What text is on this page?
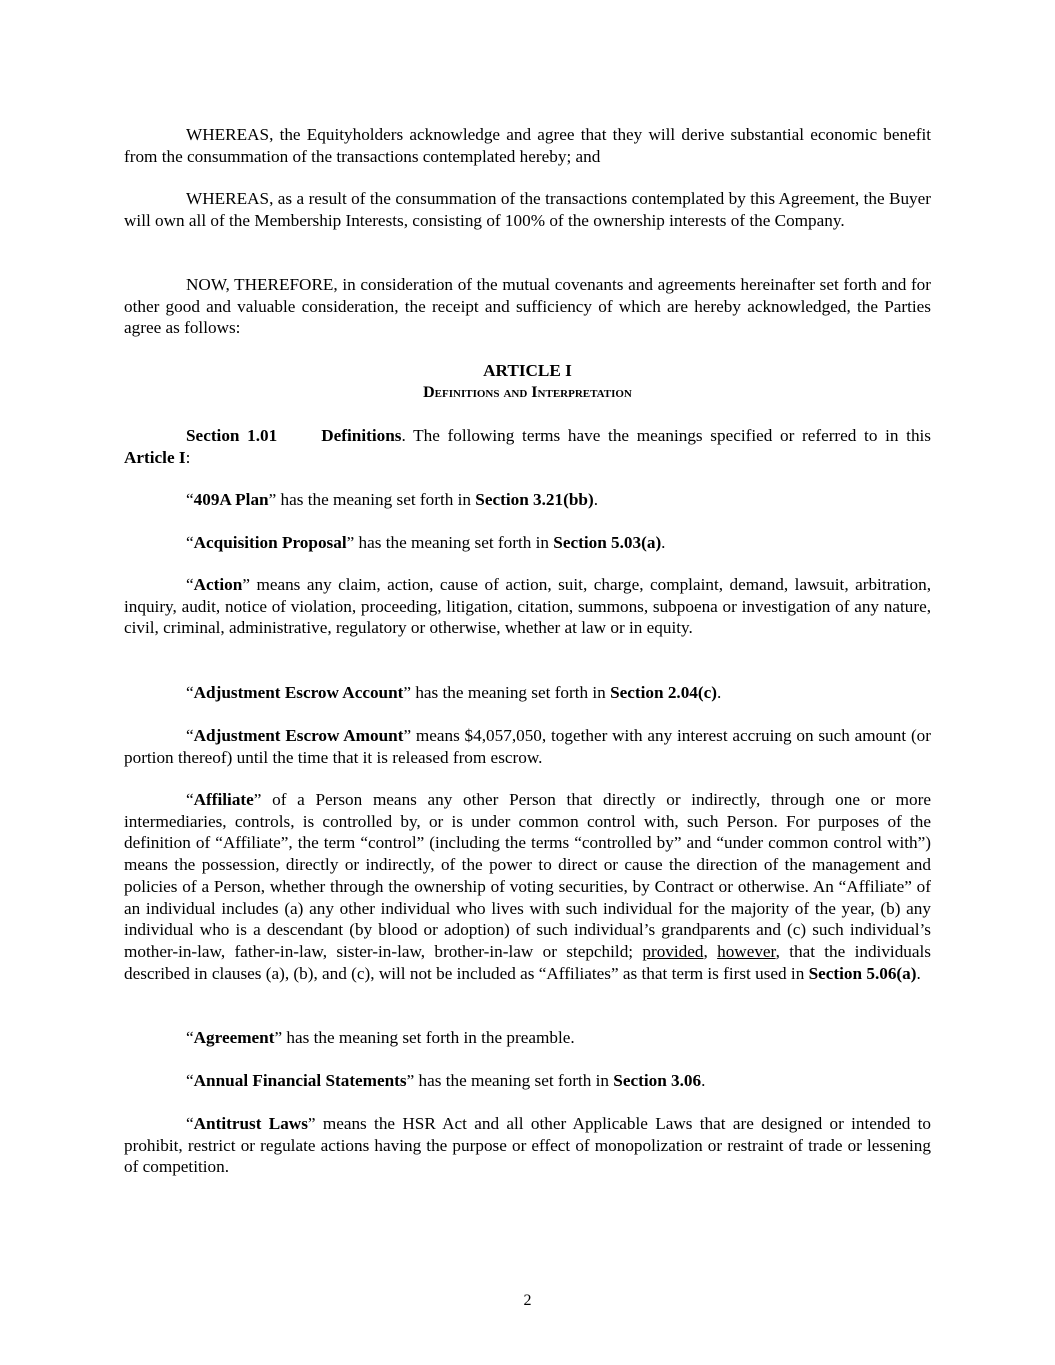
WHEREAS, the Equityholders acknowledge and agree that they will derive substantial economic benefit from the consummation of the transactions contemplated hereby; and
WHEREAS, as a result of the consummation of the transactions contemplated by this Agreement, the Buyer will own all of the Membership Interests, consisting of 100% of the ownership interests of the Company.
NOW, THEREFORE, in consideration of the mutual covenants and agreements hereinafter set forth and for other good and valuable consideration, the receipt and sufficiency of which are hereby acknowledged, the Parties agree as follows:
ARTICLE I
Definitions and Interpretation
Section 1.01	Definitions. The following terms have the meanings specified or referred to in this Article I:
“409A Plan” has the meaning set forth in Section 3.21(bb).
“Acquisition Proposal” has the meaning set forth in Section 5.03(a).
“Action” means any claim, action, cause of action, suit, charge, complaint, demand, lawsuit, arbitration, inquiry, audit, notice of violation, proceeding, litigation, citation, summons, subpoena or investigation of any nature, civil, criminal, administrative, regulatory or otherwise, whether at law or in equity.
“Adjustment Escrow Account” has the meaning set forth in Section 2.04(c).
“Adjustment Escrow Amount” means $4,057,050, together with any interest accruing on such amount (or portion thereof) until the time that it is released from escrow.
“Affiliate” of a Person means any other Person that directly or indirectly, through one or more intermediaries, controls, is controlled by, or is under common control with, such Person. For purposes of the definition of “Affiliate”, the term “control” (including the terms “controlled by” and “under common control with”) means the possession, directly or indirectly, of the power to direct or cause the direction of the management and policies of a Person, whether through the ownership of voting securities, by Contract or otherwise. An “Affiliate” of an individual includes (a) any other individual who lives with such individual for the majority of the year, (b) any individual who is a descendant (by blood or adoption) of such individual’s grandparents and (c) such individual’s mother-in-law, father-in-law, sister-in-law, brother-in-law or stepchild; provided, however, that the individuals described in clauses (a), (b), and (c), will not be included as “Affiliates” as that term is first used in Section 5.06(a).
“Agreement” has the meaning set forth in the preamble.
“Annual Financial Statements” has the meaning set forth in Section 3.06.
“Antitrust Laws” means the HSR Act and all other Applicable Laws that are designed or intended to prohibit, restrict or regulate actions having the purpose or effect of monopolization or restraint of trade or lessening of competition.
2
